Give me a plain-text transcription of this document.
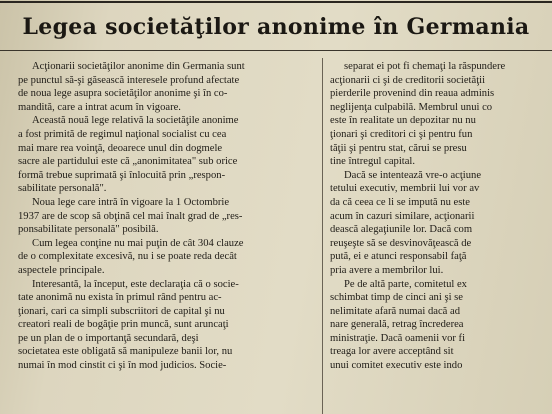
Legea societăţilor anonime în Germania
Acţionarii societăţilor anonime din Germania sunt
pe punctul să-şi găsească interesele profund afectate
de noua lege asupra societăţilor anonime şi în co-
mandită, care a intrat acum în vigoare.
Această nouă lege relativă la societăţile anonime
a fost primită de regimul naţional socialist cu cea
mai mare rea voinţă, deoarece unul din dogmele
sacre ale partidului este că „anonimitatea" sub orice
formă trebue suprimată şi înlocuită prin „respon-
sabilitate personală".
Noua lege care intră în vigoare la 1 Octombrie
1937 are de scop să obţină cel mai înalt grad de „res-
ponsabilitate personală" posibilă.
Cum legea conţine nu mai puţin de cât 304 clauze
de o complexitate excesivă, nu i se poate reda decât
aspectele principale.
Interesantă, la început, este declaraţia că o socie-
tate anonimă nu exista în primul rând pentru ac-
ţionari, cari ca simpli subscriitori de capital şi nu
creatori reali de bogăţie prin muncă, sunt aruncaţi
pe un plan de o importanţă secundară, deşi
societatea este obligată să manipuleze banii lor, nu
numai în mod cinstit ci şi în mod judicios. Socie-
separat ei pot fi chemaţi la răspundere
acţionarii ci şi de creditorii societăţii
pierderile provenind din reaua adminis
neglijenţa culpabilă. Membrul unui co
este în realitate un depozitar nu nu
ţionari şi creditori ci şi pentru fun
tăţii şi pentru stat, cărui se presu
tine întregul capital.
Dacă se intentează vre-o acţiune
tetului executiv, membrii lui vor av
da că ceea ce li se impută nu este
acum în cazuri similare, acţionarii
dească alegaţiunile lor. Dacă com
reuşeşte să se desvinovăţească de
pută, ei e atunci responsabil faţă
pria avere a membrilor lui.
Pe de altă parte, comitetul ex
schimbat timp de cinci ani şi se
nelimitate afară numai dacă ad
nare generală, retrag încrederea
ministraţie. Dacă oamenii vor fi
treaga lor avere acceptând sit
unui comitet executiv este indo
